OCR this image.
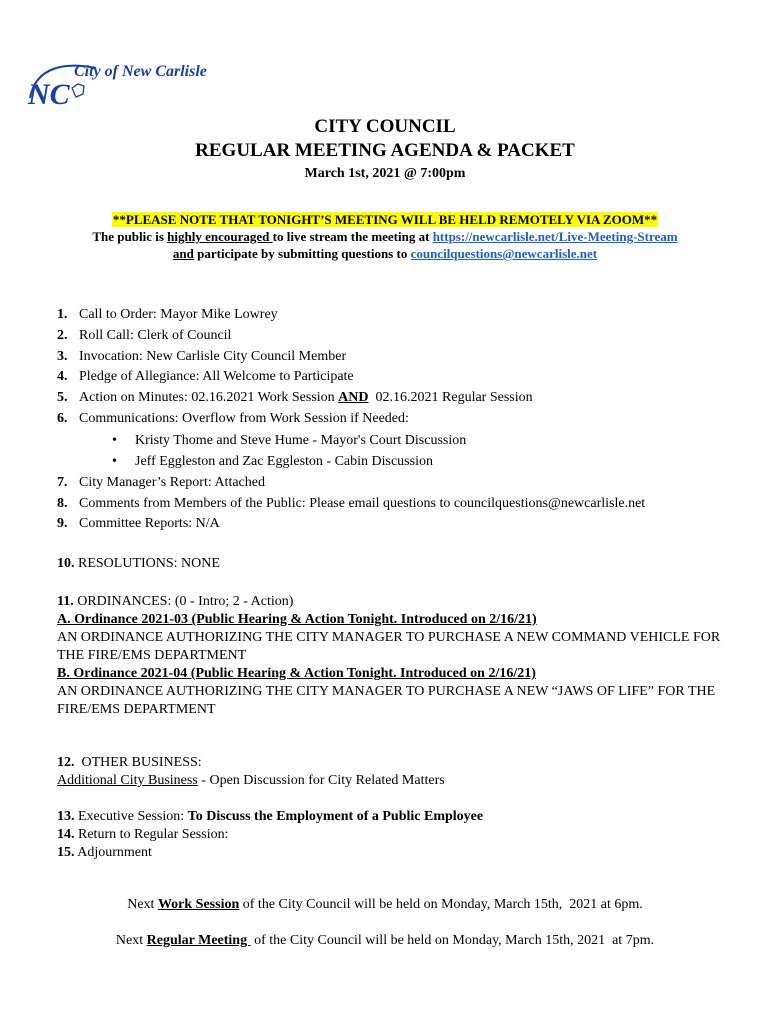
NC
City of New Carlisle
CITY COUNCIL
REGULAR MEETING AGENDA & PACKET
March 1st, 2021 @ 7:00pm
**PLEASE NOTE THAT TONIGHT’S MEETING WILL BE HELD REMOTELY VIA ZOOM**
The public is highly encouraged to live stream the meeting at https://newcarlisle.net/Live-Meeting-Stream
and participate by submitting questions to councilquestions@newcarlisle.net
1. Call to Order: Mayor Mike Lowrey
2. Roll Call: Clerk of Council
3. Invocation: New Carlisle City Council Member
4. Pledge of Allegiance: All Welcome to Participate
5. Action on Minutes: 02.16.2021 Work Session AND  02.16.2021 Regular Session
6. Communications: Overflow from Work Session if Needed:
•	Kristy Thome and Steve Hume - Mayor's Court Discussion
•	Jeff Eggleston and Zac Eggleston - Cabin Discussion
7. City Manager’s Report: Attached
8. Comments from Members of the Public: Please email questions to councilquestions@newcarlisle.net
9. Committee Reports: N/A
10. RESOLUTIONS: NONE
11. ORDINANCES: (0 - Intro; 2 - Action)
A. Ordinance 2021-03 (Public Hearing & Action Tonight. Introduced on 2/16/21)
AN ORDINANCE AUTHORIZING THE CITY MANAGER TO PURCHASE A NEW COMMAND VEHICLE FOR THE FIRE/EMS DEPARTMENT
B. Ordinance 2021-04 (Public Hearing & Action Tonight. Introduced on 2/16/21)
AN ORDINANCE AUTHORIZING THE CITY MANAGER TO PURCHASE A NEW “JAWS OF LIFE” FOR THE FIRE/EMS DEPARTMENT
12.  OTHER BUSINESS:
Additional City Business - Open Discussion for City Related Matters
13. Executive Session: To Discuss the Employment of a Public Employee
14. Return to Regular Session:
15. Adjournment
Next Work Session of the City Council will be held on Monday, March 15th,  2021 at 6pm.
Next Regular Meeting  of the City Council will be held on Monday, March 15th, 2021  at 7pm.
